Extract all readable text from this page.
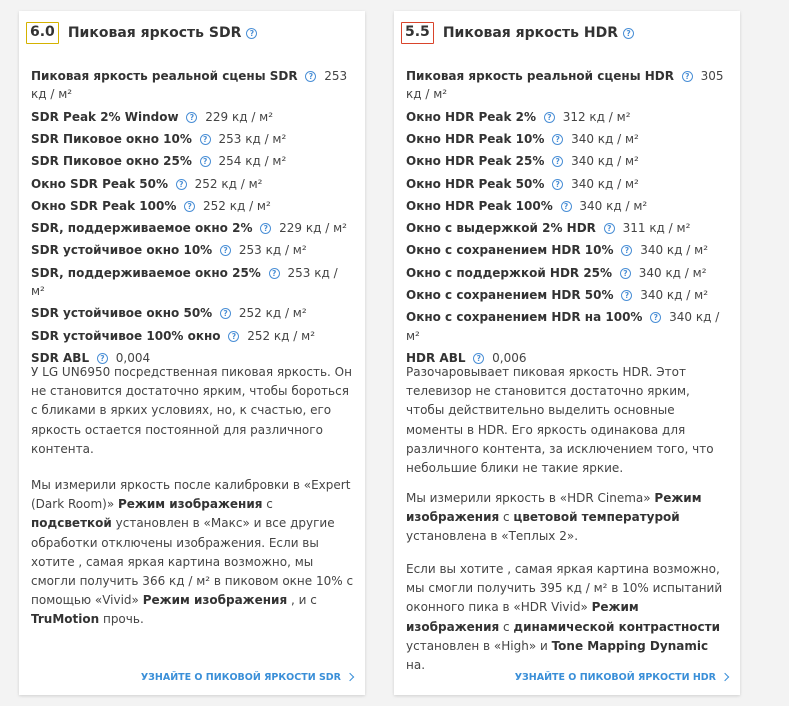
6.0 Пиковая яркость SDR	?
Пиковая яркость реальной сцены SDR ? 253 кд / м²
SDR Peak 2% Window ? 229 кд / м²
SDR Пиковое окно 10% ? 253 кд / м²
SDR Пиковое окно 25% ? 254 кд / м²
Окно SDR Peak 50% ? 252 кд / м²
Окно SDR Peak 100% ? 252 кд / м²
SDR, поддерживаемое окно 2% ? 229 кд / м²
SDR устойчивое окно 10% ? 253 кд / м²
SDR, поддерживаемое окно 25% ? 253 кд / м²
SDR устойчивое окно 50% ? 252 кд / м²
SDR устойчивое 100% окно ? 252 кд / м²
SDR ABL ? 0,004

У LG UN6950 посредственная пиковая яркость. Он не становится достаточно ярким, чтобы бороться с бликами в ярких условиях, но, к счастью, его яркость остается постоянной для различного контента.

Мы измерили яркость после калибровки в «Expert (Dark Room)» Режим изображения с подсветкой установлен в «Макс» и все другие обработки отключены изображения. Если вы хотите , самая яркая картина возможно, мы смогли получить 366 кд / м² в пиковом окне 10% с помощью «Vivid» Режим изображения , и с TruMotion прочь.

УЗНАЙТЕ О ПИКОВОЙ ЯРКОСТИ SDR
5.5 Пиковая яркость HDR	?
Пиковая яркость реальной сцены HDR ? 305 кд / м²
Окно HDR Peak 2% ? 312 кд / м²
Окно HDR Peak 10% ? 340 кд / м²
Окно HDR Peak 25% ? 340 кд / м²
Окно HDR Peak 50% ? 340 кд / м²
Окно HDR Peak 100% ? 340 кд / м²
Окно с выдержкой 2% HDR ? 311 кд / м²
Окно с сохранением HDR 10% ? 340 кд / м²
Окно с поддержкой HDR 25% ? 340 кд / м²
Окно с сохранением HDR 50% ? 340 кд / м²
Окно с сохранением HDR на 100% ? 340 кд / м²
HDR ABL ? 0,006

Разочаровывает пиковая яркость HDR. Этот телевизор не становится достаточно ярким, чтобы действительно выделить основные моменты в HDR. Его яркость одинакова для различного контента, за исключением того, что небольшие блики не такие яркие.

Мы измерили яркость в «HDR Cinema» Режим изображения с цветовой температурой установлена в «Теплых 2».

Если вы хотите , самая яркая картина возможно, мы смогли получить 395 кд / м² в 10% испытаний оконного пика в «HDR Vivid» Режим изображения с динамической контрастности установлен в «High» и Tone Mapping Dynamic на.

УЗНАЙТЕ О ПИКОВОЙ ЯРКОСТИ HDR
